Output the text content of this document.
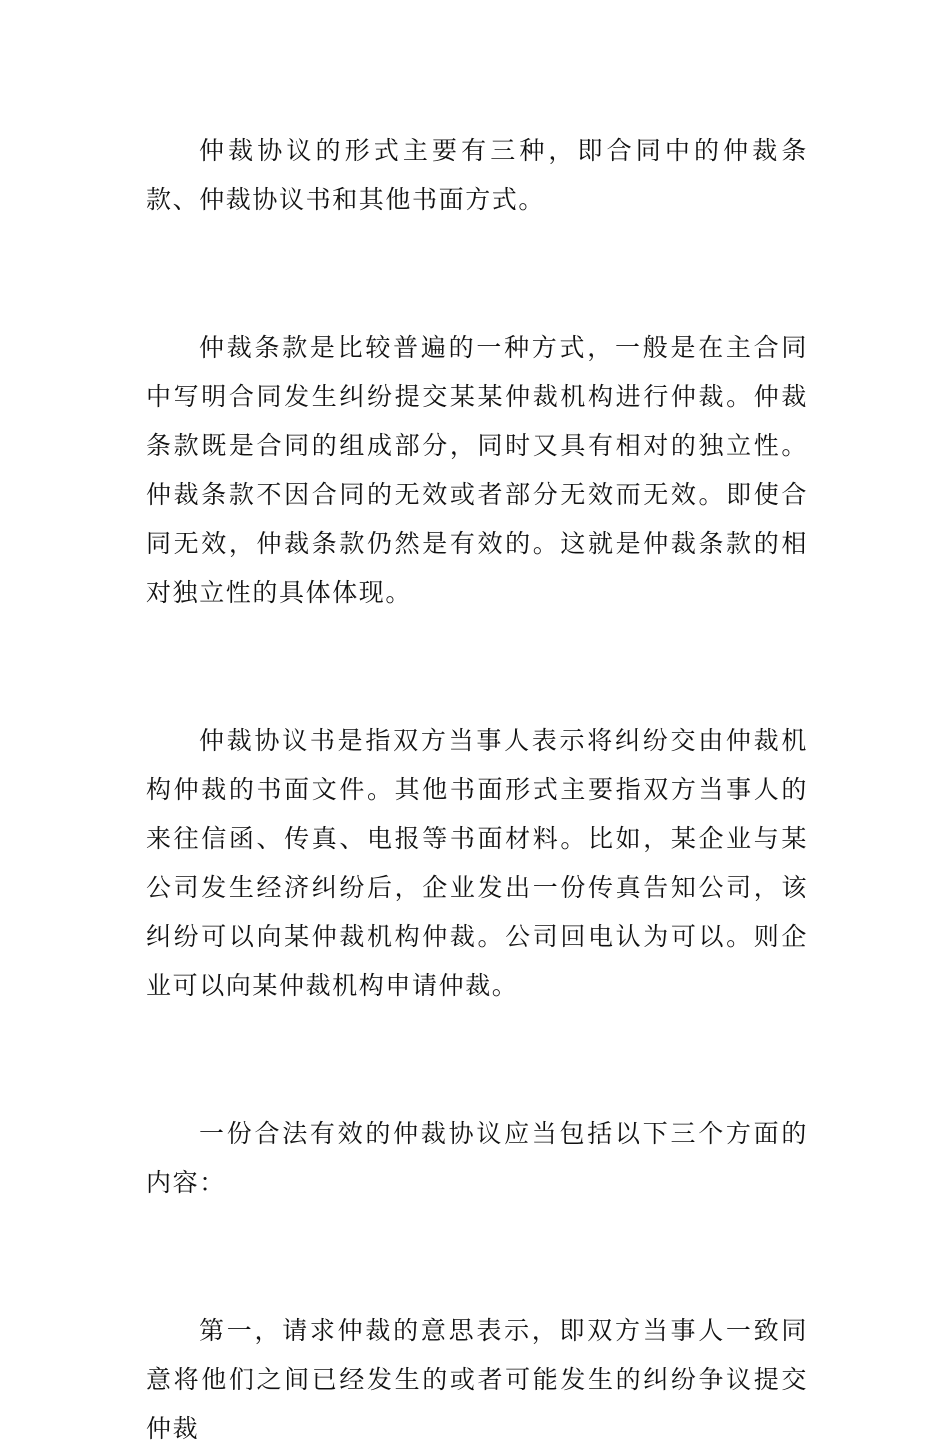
仲裁协议的形式主要有三种，即合同中的仲裁条款、仲裁协议书和其他书面方式。

仲裁条款是比较普遍的一种方式，一般是在主合同中写明合同发生纠纷提交某某仲裁机构进行仲裁。仲裁条款既是合同的组成部分，同时又具有相对的独立性。仲裁条款不因合同的无效或者部分无效而无效。即使合同无效，仲裁条款仍然是有效的。这就是仲裁条款的相对独立性的具体体现。

仲裁协议书是指双方当事人表示将纠纷交由仲裁机构仲裁的书面文件。其他书面形式主要指双方当事人的来往信函、传真、电报等书面材料。比如，某企业与某公司发生经济纠纷后，企业发出一份传真告知公司，该纠纷可以向某仲裁机构仲裁。公司回电认为可以。则企业可以向某仲裁机构申请仲裁。

一份合法有效的仲裁协议应当包括以下三个方面的内容：

第一，请求仲裁的意思表示，即双方当事人一致同意将他们之间已经发生的或者可能发生的纠纷争议提交仲裁
